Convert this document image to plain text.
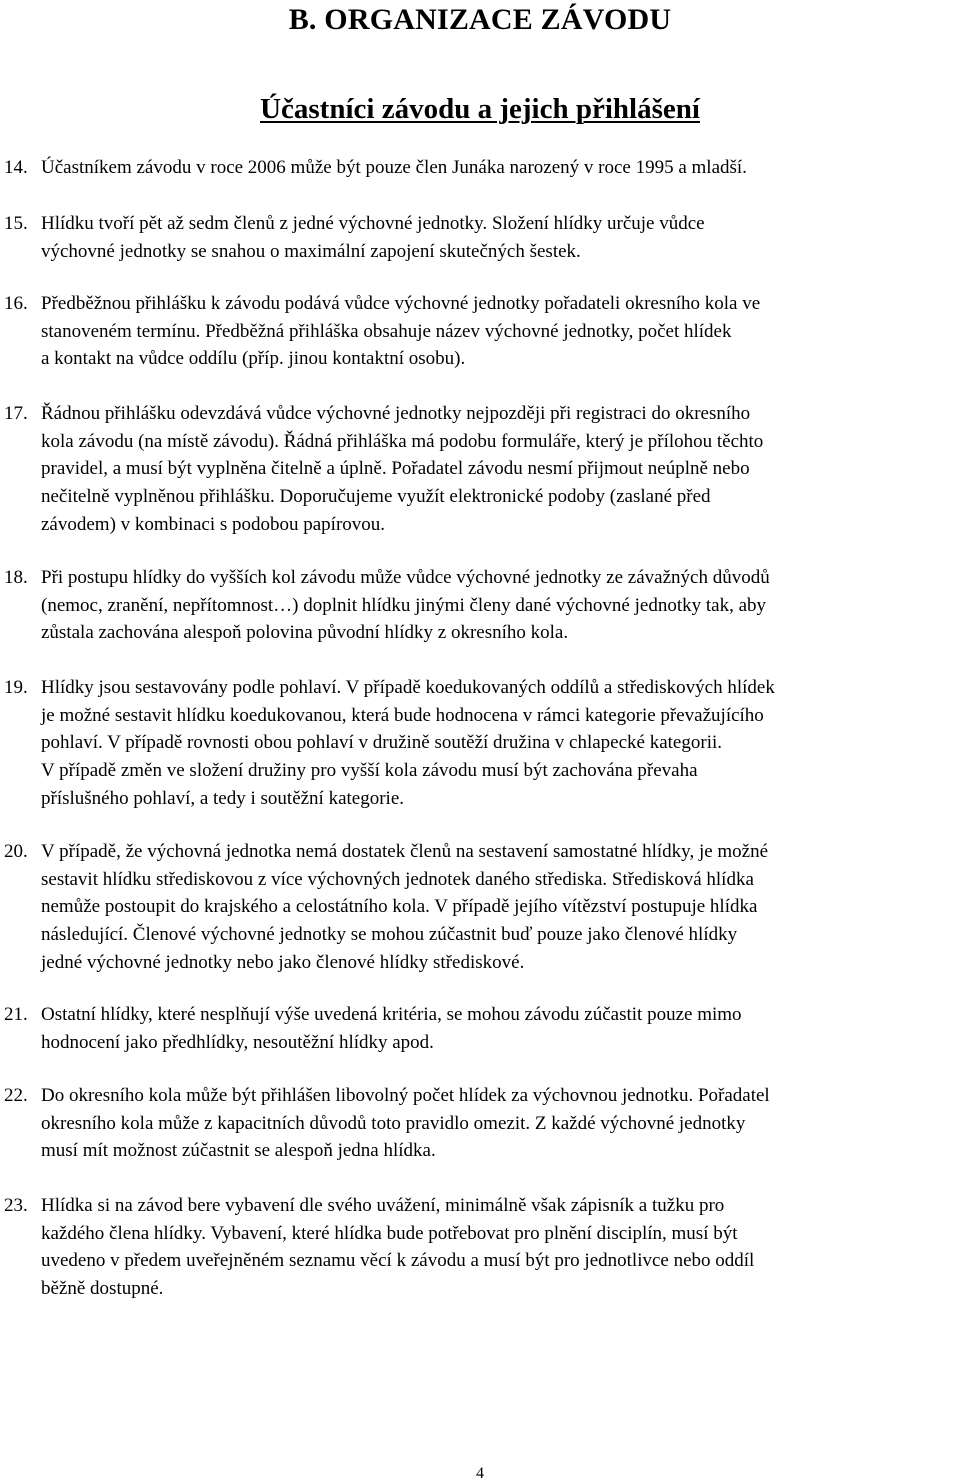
B. ORGANIZACE ZÁVODU
Účastníci závodu a jejich přihlášení
14. Účastníkem závodu v roce 2006 může být pouze člen Junáka narozený v roce 1995 a mladší.
15. Hlídku tvoří pět až sedm členů z jedné výchovné jednotky. Složení hlídky určuje vůdce
výchovné jednotky se snahou o maximální zapojení skutečných šestek.
16. Předběžnou přihlášku k závodu podává vůdce výchovné jednotky pořadateli okresního kola ve
stanoveném termínu. Předběžná přihláška obsahuje název výchovné jednotky, počet hlídek
a kontakt na vůdce oddílu (příp. jinou kontaktní osobu).
17. Řádnou přihlášku odevzdává vůdce výchovné jednotky nejpozději při registraci do okresního
kola závodu (na místě závodu). Řádná přihláška má podobu formuláře, který je přílohou těchto
pravidel, a musí být vyplněna čitelně a úplně. Pořadatel závodu nesmí přijmout neúplně nebo
nečitelně vyplněnou přihlášku. Doporučujeme využít elektronické podoby (zaslané před
závodem) v kombinaci s podobou papírovou.
18. Při postupu hlídky do vyšších kol závodu může vůdce výchovné jednotky ze závažných důvodů
(nemoc, zranění, nepřítomnost…) doplnit hlídku jinými členy dané výchovné jednotky tak, aby
zůstala zachována alespoň polovina původní hlídky z okresního kola.
19. Hlídky jsou sestavovány podle pohlaví. V případě koedukovaných oddílů a střediskových hlídek
je možné sestavit hlídku koedukovanou, která bude hodnocena v rámci kategorie převažujícího
pohlaví. V případě rovnosti obou pohlaví v družině soutěží družina v chlapecké kategorii.
V případě změn ve složení družiny pro vyšší kola závodu musí být zachována převaha
příslušného pohlaví, a tedy i soutěžní kategorie.
20. V případě, že výchovná jednotka nemá dostatek členů na sestavení samostatné hlídky, je možné
sestavit hlídku střediskovou z více výchovných jednotek daného střediska. Středisková hlídka
nemůže postoupit do krajského a celostátního kola. V případě jejího vítězství postupuje hlídka
následující. Členové výchovné jednotky se mohou zúčastnit buď pouze jako členové hlídky
jedné výchovné jednotky nebo jako členové hlídky střediskové.
21. Ostatní hlídky, které nesplňují výše uvedená kritéria, se mohou závodu zúčastit pouze mimo
hodnocení jako předhlídky, nesoutěžní hlídky apod.
22. Do okresního kola může být přihlášen libovolný počet hlídek za výchovnou jednotku. Pořadatel
okresního kola může z kapacitních důvodů toto pravidlo omezit. Z každé výchovné jednotky
musí mít možnost zúčastnit se alespoň jedna hlídka.
23. Hlídka si na závod bere vybavení dle svého uvážení, minimálně však zápisník a tužku pro
každého člena hlídky. Vybavení, které hlídka bude potřebovat pro plnění disciplín, musí být
uvedeno v předem uveřejněném seznamu věcí k závodu a musí být pro jednotlivce nebo oddíl
běžně dostupné.
4
